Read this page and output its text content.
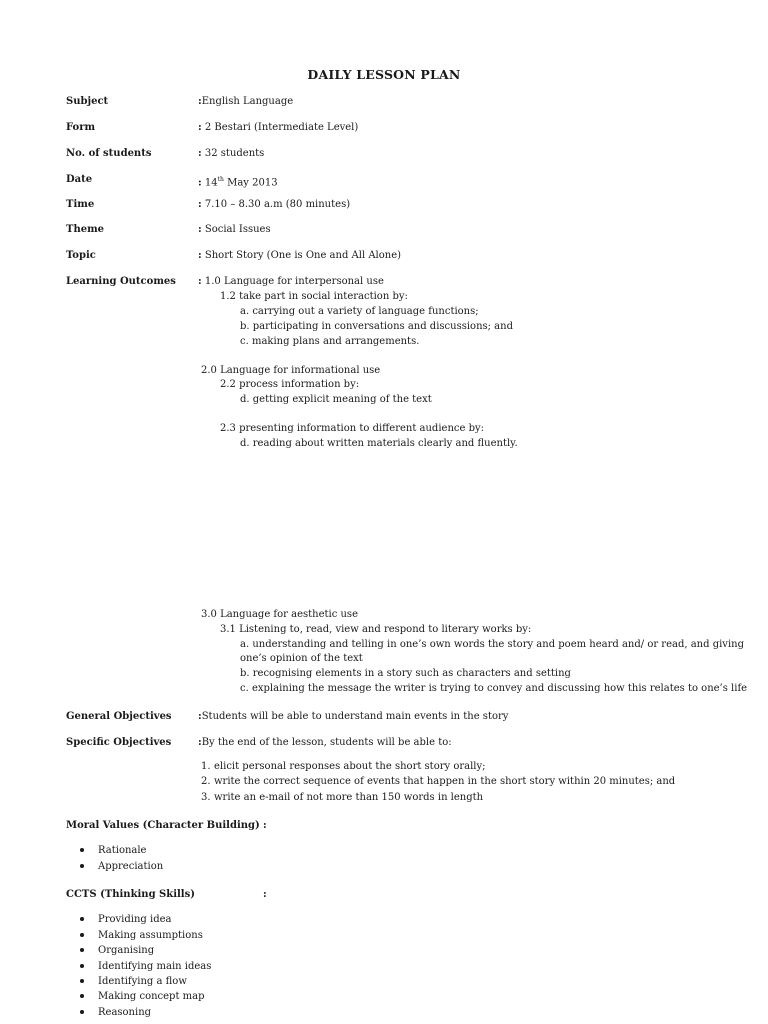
DAILY LESSON PLAN
Subject	:English Language
Form	: 2 Bestari (Intermediate Level)
No. of students	: 32 students
Date	: 14th May 2013
Time	: 7.10 – 8.30 a.m (80 minutes)
Theme	: Social Issues
Topic	: Short Story (One is One and All Alone)
Learning Outcomes : 1.0 Language for interpersonal use
1.2 take part in social interaction by:
a. carrying out a variety of language functions;
b. participating in conversations and discussions; and
c. making plans and arrangements.
2.0 Language for informational use
2.2 process information by:
d. getting explicit meaning of the text
2.3 presenting information to different audience by:
d. reading about written materials clearly and fluently.
3.0 Language for aesthetic use
3.1 Listening to, read, view and respond to literary works by:
a. understanding and telling in one’s own words the story and poem heard and/ or read, and giving
one’s opinion of the text
b. recognising elements in a story such as characters and setting
c. explaining the message the writer is trying to convey and discussing how this relates to one’s life
General Objectives	:Students will be able to understand main events in the story
Specific Objectives	:By the end of the lesson, students will be able to:
1. elicit personal responses about the short story orally;
2. write the correct sequence of events that happen in the short story within 20 minutes; and
3. write an e-mail of not more than 150 words in length
Moral Values (Character Building) :
Rationale
Appreciation
CCTS (Thinking Skills)	:
Providing idea
Making assumptions
Organising
Identifying main ideas
Identifying a flow
Making concept map
Reasoning
